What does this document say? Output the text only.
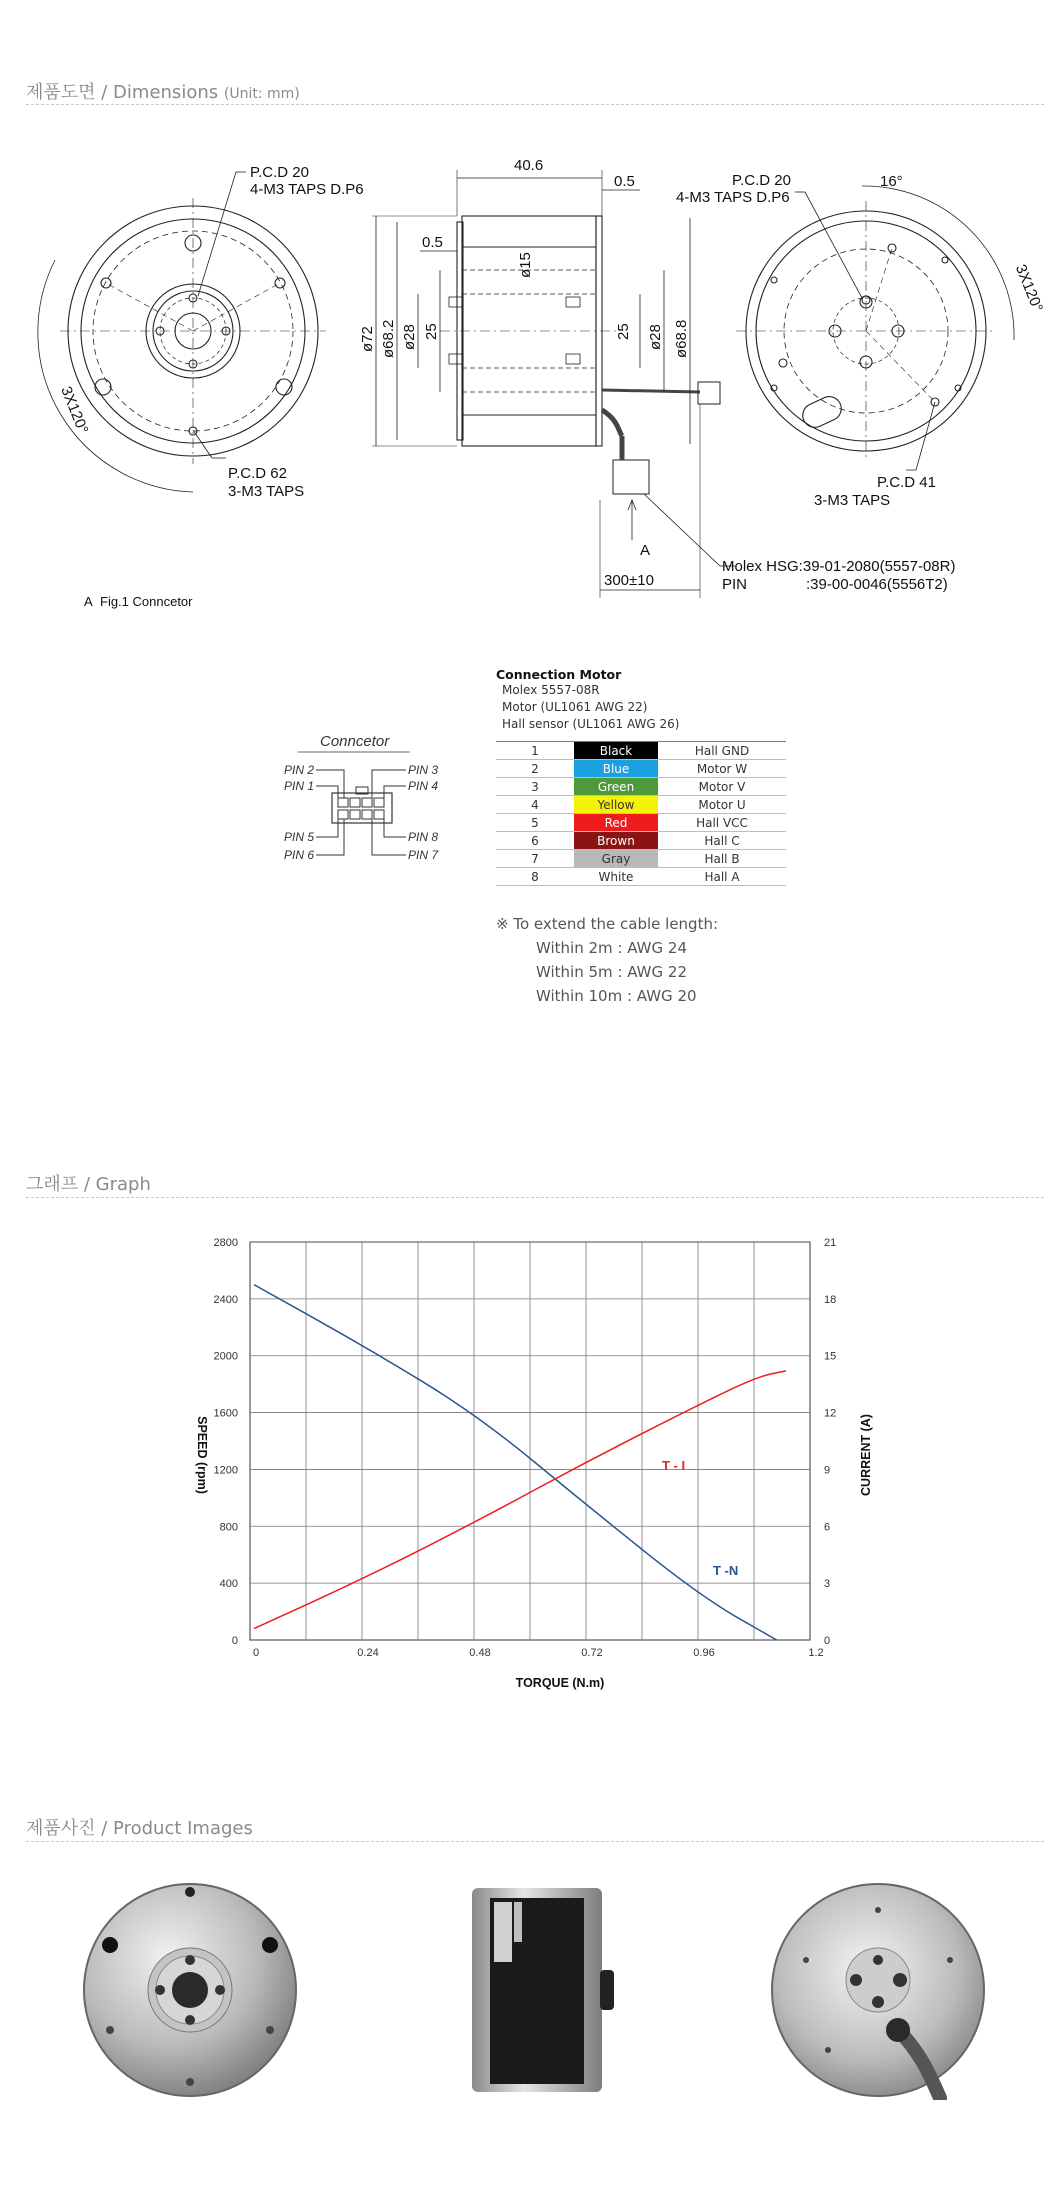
제품도면 / Dimensions (Unit: mm)
그래프 / Graph
제품사진 / Product Images
P.C.D 20
4-M3 TAPS D.P6
3X120°
P.C.D 62
3-M3 TAPS
40.6
0.5
0.5
ø72 ø68.2 ø28 25
ø15
25 ø28 ø68.8
P.C.D 20
4-M3 TAPS D.P6
16°
3X120°
P.C.D 41
3-M3 TAPS
A
Molex HSG:39-01-2080(5557-08R)
PIN	:39-00-0046(5556T2)
300±10
A Fig.1 Conncetor
Conncetor
PIN 2
PIN 1
PIN 3
PIN 4
PIN 5
PIN 6
PIN 8
PIN 7
Connection Motor
Molex 5557-08R
Motor (UL1061 AWG 22)
Hall sensor (UL1061 AWG 26)
1	Black	Hall GND
2	Blue	Motor W
3	Green	Motor V
4	Yellow	Motor U
5	Red	Hall VCC
6	Brown	Hall C
7	Gray	Hall B
8	White	Hall A
※ To extend the cable length:
Within 2m : AWG 24
Within 5m : AWG 22
Within 10m : AWG 20
0
400
800
1200
1600
2000
2400
2800
0
3
6
9
12
15
18
21
0	0.24	0.48	0.72	0.96	1.2
TORQUE (N.m)
SPEED (rpm)	CURRENT (A)
T - I
T -N
